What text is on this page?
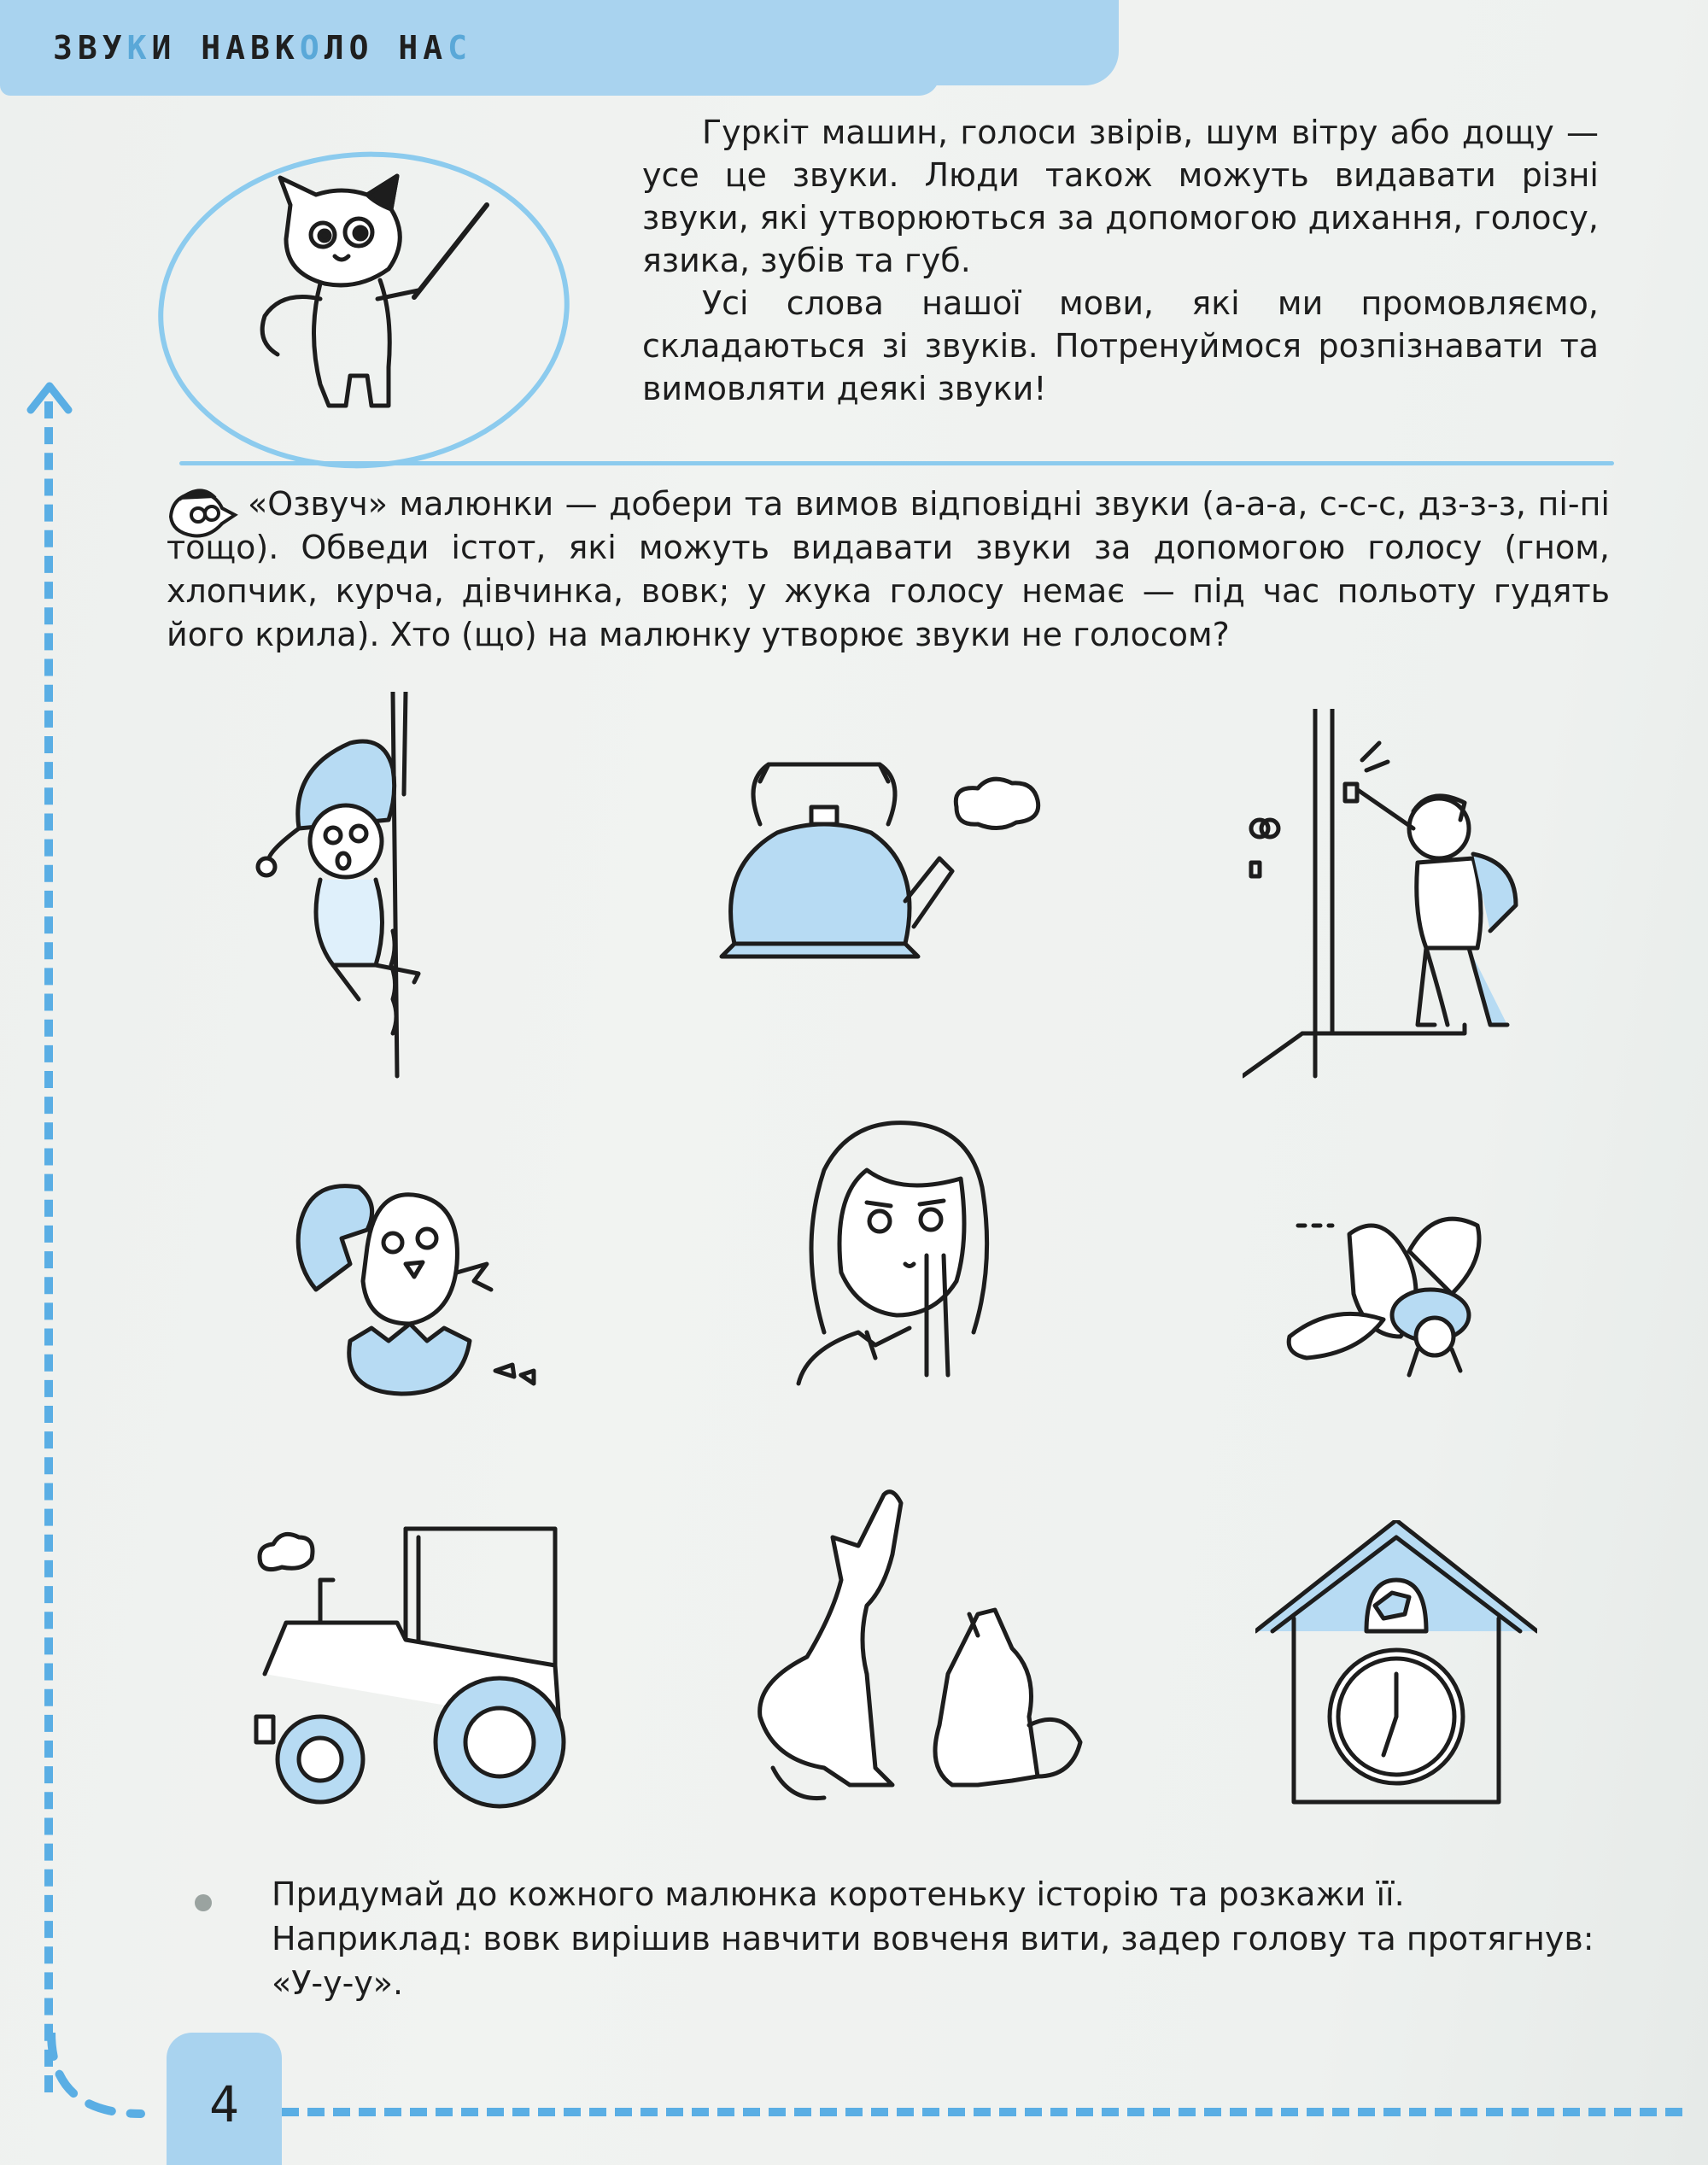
ЗВУКИ НАВКОЛО НАС

Гуркіт машин, голоси звірів, шум вітру або дощу — усе це звуки. Люди також можуть видавати різні звуки, які утворюються за допомогою дихання, голосу, язика, зубів та губ.

Усі слова нашої мови, які ми промовляємо, складаються зі звуків. Потренуймося розпізнавати та вимовляти деякі звуки!

«Озвуч» малюнки — добери та вимов відповідні звуки (а-а-а, с-с-с, дз-з-з, пі-пі тощо). Обведи істот, які можуть видавати звуки за допомогою голосу (гном, хлопчик, курча, дівчинка, вовк; у жука голосу немає — під час польоту гудять його крила). Хто (що) на малюнку утворює звуки не голосом?

Придумай до кожного малюнка коротеньку історію та розкажи її. Наприклад: вовк вирішив навчити вовченя вити, задер голову та протягнув: «У-у-у».

4
